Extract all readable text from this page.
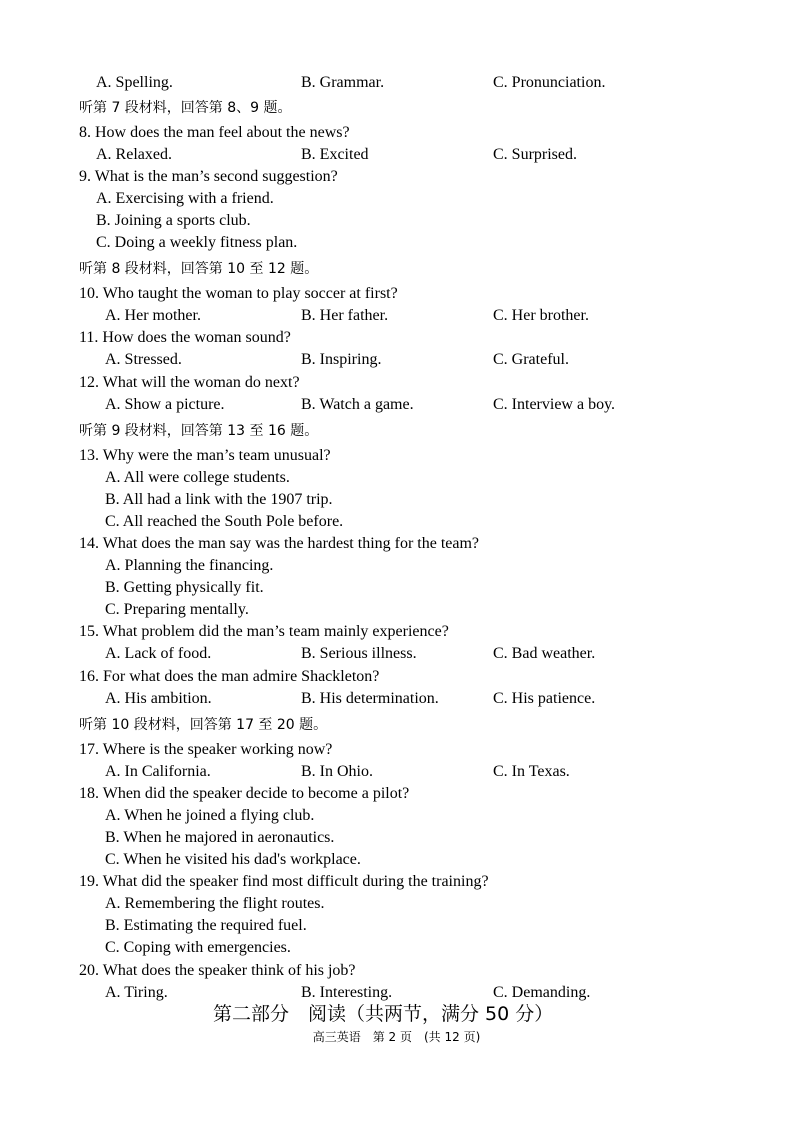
A. Spelling.	B. Grammar.	C. Pronunciation.
听第 7 段材料，回答第 8、9 题。
8. How does the man feel about the news?
A. Relaxed.	B. Excited	C. Surprised.
9. What is the man’s second suggestion?
A. Exercising with a friend.
B. Joining a sports club.
C. Doing a weekly fitness plan.
听第 8 段材料，回答第 10 至 12 题。
10. Who taught the woman to play soccer at first?
A. Her mother.	B. Her father.	C. Her brother.
11. How does the woman sound?
A. Stressed.	B. Inspiring.	C. Grateful.
12. What will the woman do next?
A. Show a picture.	B. Watch a game.	C. Interview a boy.
听第 9 段材料，回答第 13 至 16 题。
13. Why were the man’s team unusual?
A. All were college students.
B. All had a link with the 1907 trip.
C. All reached the South Pole before.
14. What does the man say was the hardest thing for the team?
A. Planning the financing.
B. Getting physically fit.
C. Preparing mentally.
15. What problem did the man’s team mainly experience?
A. Lack of food.	B. Serious illness.	C. Bad weather.
16. For what does the man admire Shackleton?
A. His ambition.	B. His determination.	C. His patience.
听第 10 段材料，回答第 17 至 20 题。
17. Where is the speaker working now?
A. In California.	B. In Ohio.	C. In Texas.
18. When did the speaker decide to become a pilot?
A. When he joined a flying club.
B. When he majored in aeronautics.
C. When he visited his dad's workplace.
19. What did the speaker find most difficult during the training?
A. Remembering the flight routes.
B. Estimating the required fuel.
C. Coping with emergencies.
20. What does the speaker think of his job?
A. Tiring.	B. Interesting.	C. Demanding.
第二部分　阅读（共两节，满分 50 分）
高三英语　第 2 页　(共 12 页)
